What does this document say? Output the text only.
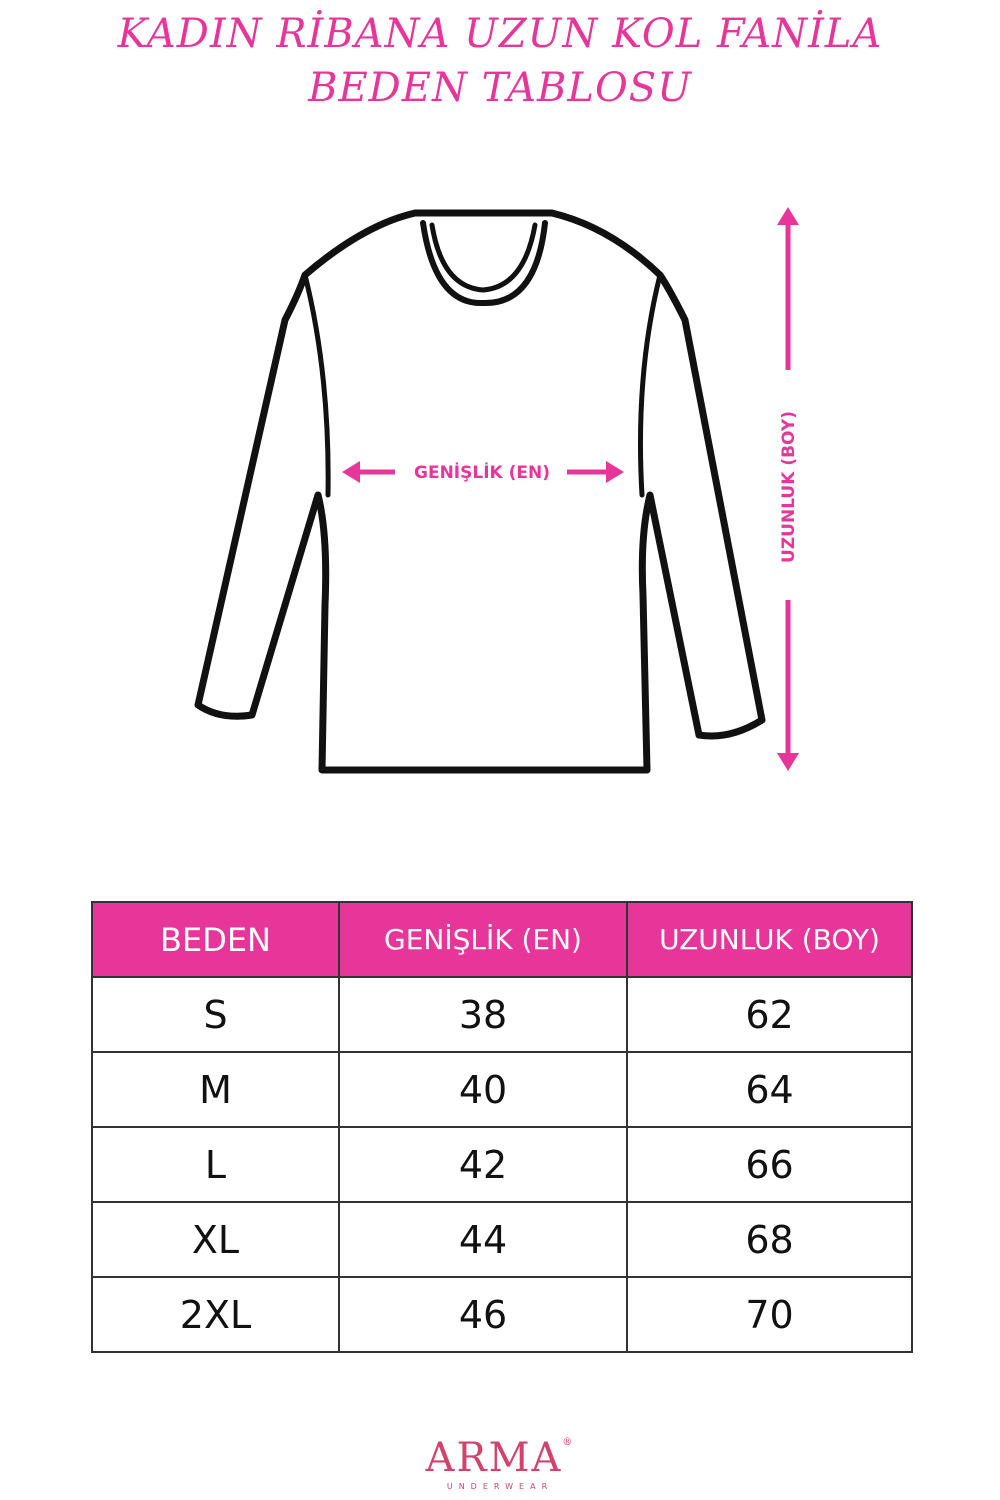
KADIN RİBANA UZUN KOL FANİLA
BEDEN TABLOSU
GENİŞLİK (EN)	UZUNLUK (BOY)
BEDEN	GENİŞLİK (EN)	UZUNLUK (BOY)
S	38	62
M	40	64
L	42	66
XL	44	68
2XL	46	70
ARMA®
UNDERWEAR
